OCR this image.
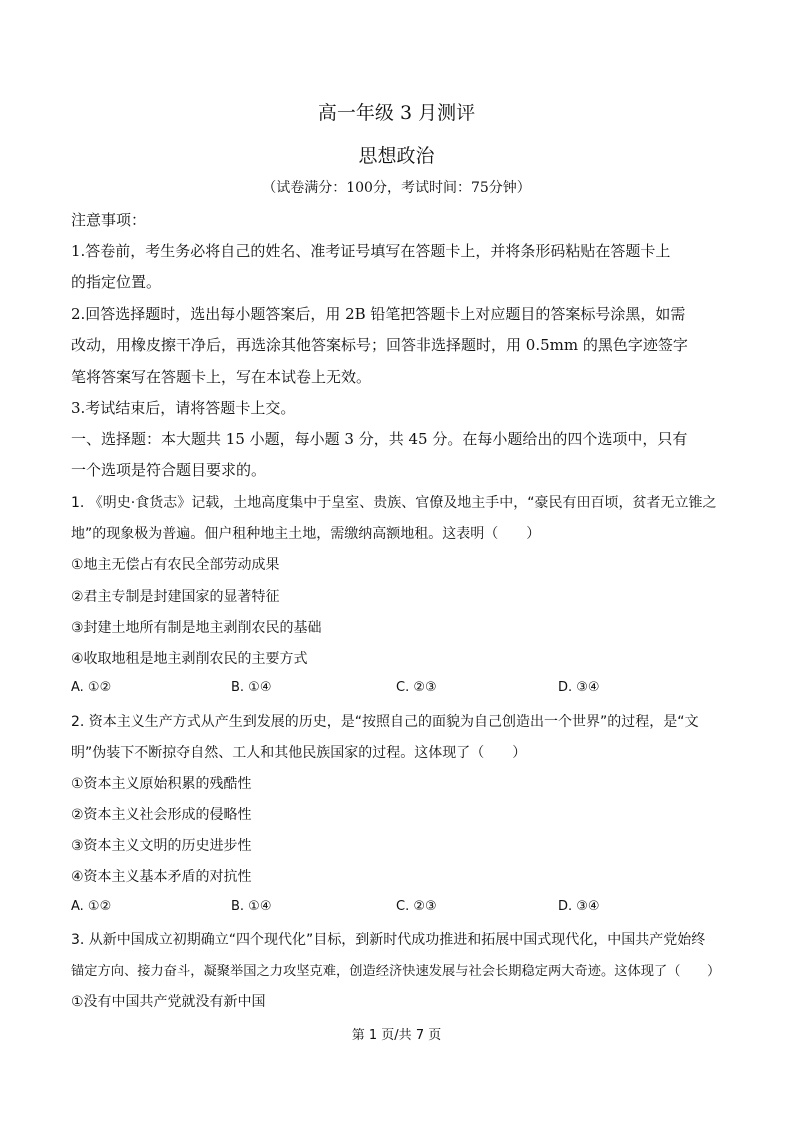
高一年级 3 月测评
思想政治
（试卷满分：100分，考试时间：75分钟）
注意事项：
1.答卷前，考生务必将自己的姓名、准考证号填写在答题卡上，并将条形码粘贴在答题卡上
的指定位置。
2.回答选择题时，选出每小题答案后，用 2B 铅笔把答题卡上对应题目的答案标号涂黑，如需
改动，用橡皮擦干净后，再选涂其他答案标号；回答非选择题时，用 0.5mm 的黑色字迹签字
笔将答案写在答题卡上，写在本试卷上无效。
3.考试结束后，请将答题卡上交。
一、选择题：本大题共 15 小题，每小题 3 分，共 45 分。在每小题给出的四个选项中，只有
一个选项是符合题目要求的。
1. 《明史·食货志》记载，土地高度集中于皇室、贵族、官僚及地主手中，“豪民有田百顷，贫者无立锥之
地”的现象极为普遍。佃户租种地主土地，需缴纳高额地租。这表明（　　）
①地主无偿占有农民全部劳动成果
②君主专制是封建国家的显著特征
③封建土地所有制是地主剥削农民的基础
④收取地租是地主剥削农民的主要方式
A. ①②	B. ①④	C. ②③	D. ③④
2. 资本主义生产方式从产生到发展的历史，是“按照自己的面貌为自己创造出一个世界”的过程，是“文
明”伪装下不断掠夺自然、工人和其他民族国家的过程。这体现了（　　）
①资本主义原始积累的残酷性
②资本主义社会形成的侵略性
③资本主义文明的历史进步性
④资本主义基本矛盾的对抗性
A. ①②	B. ①④	C. ②③	D. ③④
3. 从新中国成立初期确立“四个现代化”目标，到新时代成功推进和拓展中国式现代化，中国共产党始终
锚定方向、接力奋斗，凝聚举国之力攻坚克难，创造经济快速发展与社会长期稳定两大奇迹。这体现了（　　）
①没有中国共产党就没有新中国
第 1 页/共 7 页
